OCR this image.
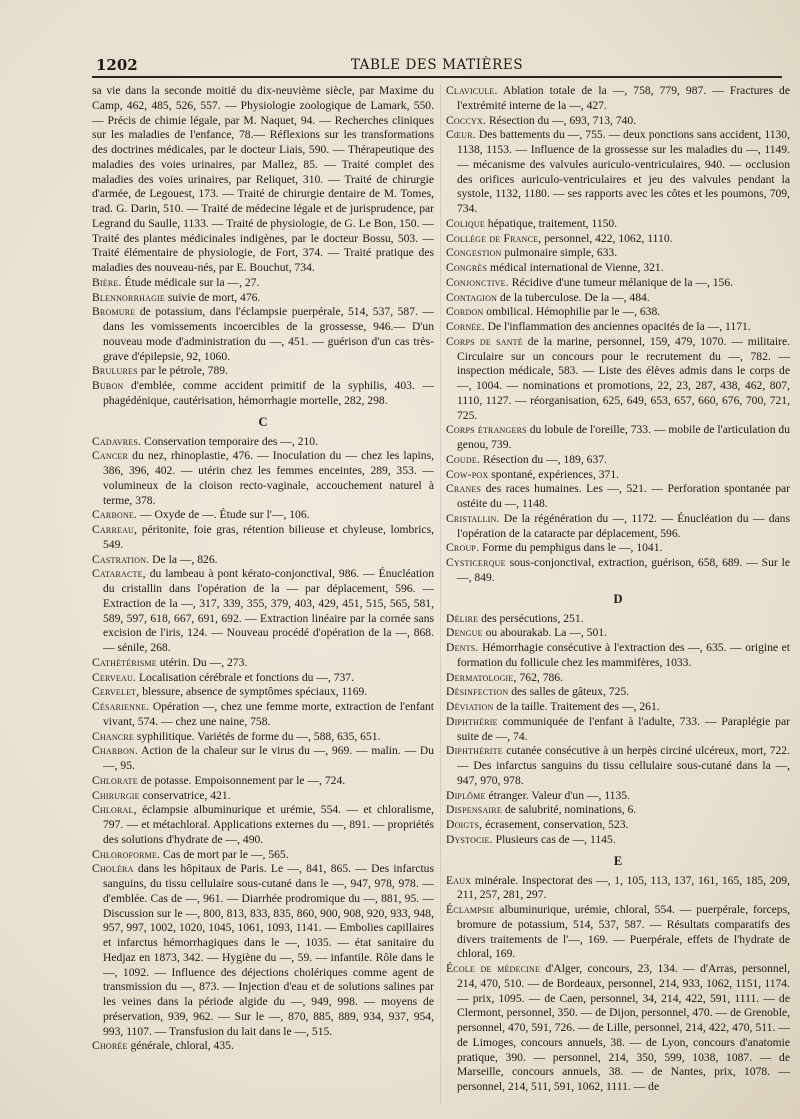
1202	TABLE DES MATIÈRES

sa vie dans la seconde moitié du dix-neuvième siècle, par Maxime du Camp, 462, 485, 526, 557. — Physiologie zoologique de Lamark, 550. — Précis de chimie légale, par M. Naquet, 94. — Recherches cliniques sur les maladies de l'enfance, 78.— Réflexions sur les transformations des doctrines médicales, par le docteur Liais, 590. — Thérapeutique des maladies des voies urinaires, par Mallez, 85. — Traité complet des maladies des voies urinaires, par Reliquet, 310. — Traité de chirurgie d'armée, de Legouest, 173. — Traité de chirurgie dentaire de M. Tomes, trad. G. Darin, 510. — Traité de médecine légale et de jurisprudence, par Legrand du Saulle, 1133. — Traité de physiologie, de G. Le Bon, 150. — Traité des plantes médicinales indigènes, par le docteur Bossu, 503. — Traité élémentaire de physiologie, de Fort, 374. — Traité pratique des maladies des nouveau-nés, par E. Bouchut, 734.

Bière. Étude médicale sur la —, 27.

Blennorrhagie suivie de mort, 476.

Bromure de potassium, dans l'éclampsie puerpérale, 514, 537, 587. — dans les vomissements incoercibles de la grossesse, 946.— D'un nouveau mode d'administration du —, 451. — guérison d'un cas très-grave d'épilepsie, 92, 1060.

Brulures par le pétrole, 789.

Bubon d'emblée, comme accident primitif de la syphilis, 403. — phagédénique, cautérisation, hémorrhagie mortelle, 282, 298.

C

Cadavres. Conservation temporaire des —, 210.

Cancer du nez, rhinoplastie, 476. — Inoculation du — chez les lapins, 386, 396, 402. — utérin chez les femmes enceintes, 289, 353. — volumineux de la cloison recto-vaginale, accouchement naturel à terme, 378.

Carbone. — Oxyde de —. Étude sur l'—, 106.

Carreau, péritonite, foie gras, rétention bilieuse et chyleuse, lombrics, 549.

Castration. De la —, 826.

Cataracte, du lambeau à pont kérato-conjonctival, 986. — Énucléation du cristallin dans l'opération de la — par déplacement, 596. — Extraction de la —, 317, 339, 355, 379, 403, 429, 451, 515, 565, 581, 589, 597, 618, 667, 691, 692. — Extraction linéaire par la cornée sans excision de l'iris, 124. — Nouveau procédé d'opération de la —, 868. — sénile, 268.

Cathétérisme utérin. Du —, 273.

Cerveau. Localisation cérébrale et fonctions du —, 737.

Cervelet, blessure, absence de symptômes spéciaux, 1169.

Césarienne. Opération —, chez une femme morte, extraction de l'enfant vivant, 574. — chez une naine, 758.

Chancre syphilitique. Variétés de forme du —, 588, 635, 651.

Charbon. Action de la chaleur sur le virus du —, 969. — malin. — Du —, 95.

Chlorate de potasse. Empoisonnement par le —, 724.

Chirurgie conservatrice, 421.

Chloral, éclampsie albuminurique et urémie, 554. — et chloralisme, 797. — et métachloral. Applications externes du —, 891. — propriétés des solutions d'hydrate de —, 490.

Chloroforme. Cas de mort par le —, 565.

Choléra dans les hôpitaux de Paris. Le —, 841, 865. — Des infarctus sanguins, du tissu cellulaire sous-cutané dans le —, 947, 978, 978. — d'emblée. Cas de —, 961. — Diarrhée prodromique du —, 881, 95. — Discussion sur le —, 800, 813, 833, 835, 860, 900, 908, 920, 933, 948, 957, 997, 1002, 1020, 1045, 1061, 1093, 1141. — Embolies capillaires et infarctus hémorrhagiques dans le —, 1035. — état sanitaire du Hedjaz en 1873, 342. — Hygiène du —, 59. — infantile. Rôle dans le —, 1092. — Influence des déjections cholériques comme agent de transmission du —, 873. — Injection d'eau et de solutions salines par les veines dans la période algide du —, 949, 998. — moyens de préservation, 939, 962. — Sur le —, 870, 885, 889, 934, 937, 954, 993, 1107. — Transfusion du lait dans le —, 515.

Chorée générale, chloral, 435.

Clavicule. Ablation totale de la —, 758, 779, 987. — Fractures de l'extrémité interne de la —, 427.

Coccyx. Résection du —, 693, 713, 740.

Cœur. Des battements du —, 755. — deux ponctions sans accident, 1130, 1138, 1153. — Influence de la grossesse sur les maladies du —, 1149. — mécanisme des valvules auriculo-ventriculaires, 940. — occlusion des orifices auriculo-ventriculaires et jeu des valvules pendant la systole, 1132, 1180. — ses rapports avec les côtes et les poumons, 709, 734.

Colique hépatique, traitement, 1150.

Collége de France, personnel, 422, 1062, 1110.

Congestion pulmonaire simple, 633.

Congrès médical international de Vienne, 321.

Conjonctive. Récidive d'une tumeur mélanique de la —, 156.

Contagion de la tuberculose. De la —, 484.

Cordon ombilical. Hémophilie par le —, 638.

Cornée. De l'inflammation des anciennes opacités de la —, 1171.

Corps de santé de la marine, personnel, 159, 479, 1070. — militaire. Circulaire sur un concours pour le recrutement du —, 782. — inspection médicale, 583. — Liste des élèves admis dans le corps de —, 1004. — nominations et promotions, 22, 23, 287, 438, 462, 807, 1110, 1127. — réorganisation, 625, 649, 653, 657, 660, 676, 700, 721, 725.

Corps étrangers du lobule de l'oreille, 733. — mobile de l'articulation du genou, 739.

Coude. Résection du —, 189, 637.

Cow-pox spontané, expériences, 371.

Cranes des races humaines. Les —, 521. — Perforation spontanée par ostéite du —, 1148.

Cristallin. De la régénération du —, 1172. — Énucléation du — dans l'opération de la cataracte par déplacement, 596.

Croup. Forme du pemphigus dans le —, 1041.

Cysticerque sous-conjonctival, extraction, guérison, 658, 689. — Sur le —, 849.

D

Délire des persécutions, 251.

Dengue ou abourakab. La —, 501.

Dents. Hémorrhagie consécutive à l'extraction des —, 635. — origine et formation du follicule chez les mammifères, 1033.

Dermatologie, 762, 786.

Désinfection des salles de gâteux, 725.

Déviation de la taille. Traitement des —, 261.

Diphthérie communiquée de l'enfant à l'adulte, 733. — Paraplégie par suite de —, 74.

Diphthérite cutanée consécutive à un herpès circiné ulcéreux, mort, 722. — Des infarctus sanguins du tissu cellulaire sous-cutané dans la —, 947, 970, 978.

Diplôme étranger. Valeur d'un —, 1135.

Dispensaire de salubrité, nominations, 6.

Doigts, écrasement, conservation, 523.

Dystocie. Plusieurs cas de —, 1145.

E

Eaux minérale. Inspectorat des —, 1, 105, 113, 137, 161, 165, 185, 209, 211, 257, 281, 297.

Éclampsie albuminurique, urémie, chloral, 554. — puerpérale, forceps, bromure de potassium, 514, 537, 587. — Résultats comparatifs des divers traitements de l'—, 169. — Puerpérale, effets de l'hydrate de chloral, 169.

École de médecine d'Alger, concours, 23, 134. — d'Arras, personnel, 214, 470, 510. — de Bordeaux, personnel, 214, 933, 1062, 1151, 1174. — prix, 1095. — de Caen, personnel, 34, 214, 422, 591, 1111. — de Clermont, personnel, 350. — de Dijon, personnel, 470. — de Grenoble, personnel, 470, 591, 726. — de Lille, personnel, 214, 422, 470, 511. — de Limoges, concours annuels, 38. — de Lyon, concours d'anatomie pratique, 390. — personnel, 214, 350, 599, 1038, 1087. — de Marseille, concours annuels, 38. — de Nantes, prix, 1078. — personnel, 214, 511, 591, 1062, 1111. — de
